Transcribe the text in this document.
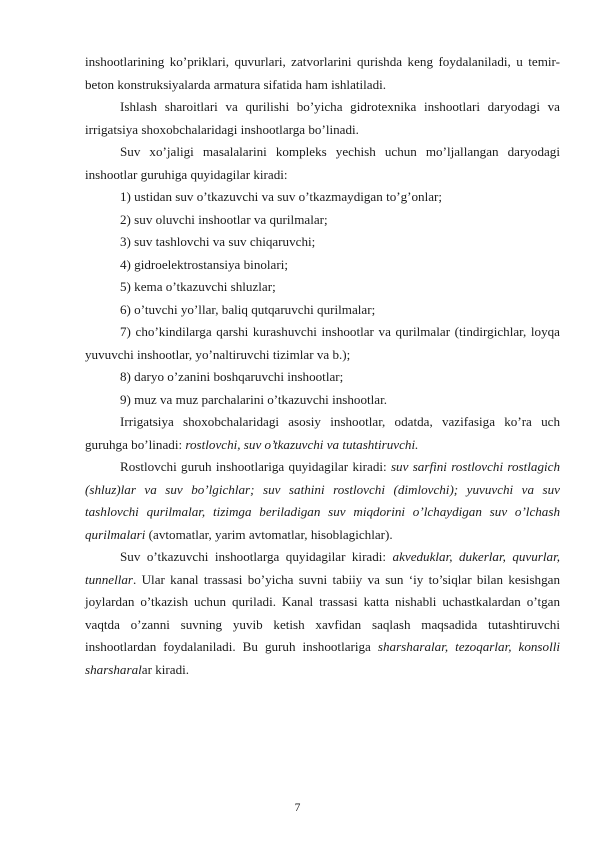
inshootlarining ko’priklari, quvurlari, zatvorlarini qurishda keng foydalaniladi, u temir-beton konstruksiyalarda armatura sifatida ham ishlatiladi.

Ishlash sharoitlari va qurilishi bo’yicha gidrotexnika inshootlari daryodagi va irrigatsiya shoxobchalaridagi inshootlarga bo’linadi.

Suv xo’jaligi masalalarini kompleks yechish uchun mo’ljallangan daryodagi inshootlar guruhiga quyidagilar kiradi:

1) ustidan suv o’tkazuvchi va suv o’tkazmaydigan to’g’onlar;

2) suv oluvchi inshootlar va qurilmalar;

3) suv tashlovchi va suv chiqaruvchi;

4) gidroelektrostansiya binolari;

5) kema o’tkazuvchi shluzlar;

6) o’tuvchi yo’llar, baliq qutqaruvchi qurilmalar;

7) cho’kindilarga qarshi kurashuvchi inshootlar va qurilmalar (tindirgichlar, loyqa yuvuvchi inshootlar, yo’naltiruvchi tizimlar va b.);

8) daryo o’zanini boshqaruvchi inshootlar;

9) muz va muz parchalarini o’tkazuvchi inshootlar.

Irrigatsiya shoxobchalaridagi asosiy inshootlar, odatda, vazifasiga ko’ra uch guruhga bo’linadi: rostlovchi, suv o’tkazuvchi va tutashtiruvchi.

Rostlovchi guruh inshootlariga quyidagilar kiradi: suv sarfini rostlovchi rostlagich (shluz)lar va suv bo’lgichlar; suv sathini rostlovchi (dimlovchi); yuvuvchi va suv tashlovchi qurilmalar, tizimga beriladigan suv miqdorini o’lchaydigan suv o’lchash qurilmalari (avtomatlar, yarim avtomatlar, hisoblagichlar).

Suv o’tkazuvchi inshootlarga quyidagilar kiradi: akveduklar, dukerlar, quvurlar, tunnellar. Ular kanal trassasi bo’yicha suvni tabiiy va sun ‘iy to’siqlar bilan kesishgan joylardan o’tkazish uchun quriladi. Kanal trassasi katta nishabli uchastkalardan o’tgan vaqtda o’zanni suvning yuvib ketish xavfidan saqlash maqsadida tutashtiruvchi inshootlardan foydalaniladi. Bu guruh inshootlariga sharsharalar, tezoqarlar, konsolli sharsharalar kiradi.

7
